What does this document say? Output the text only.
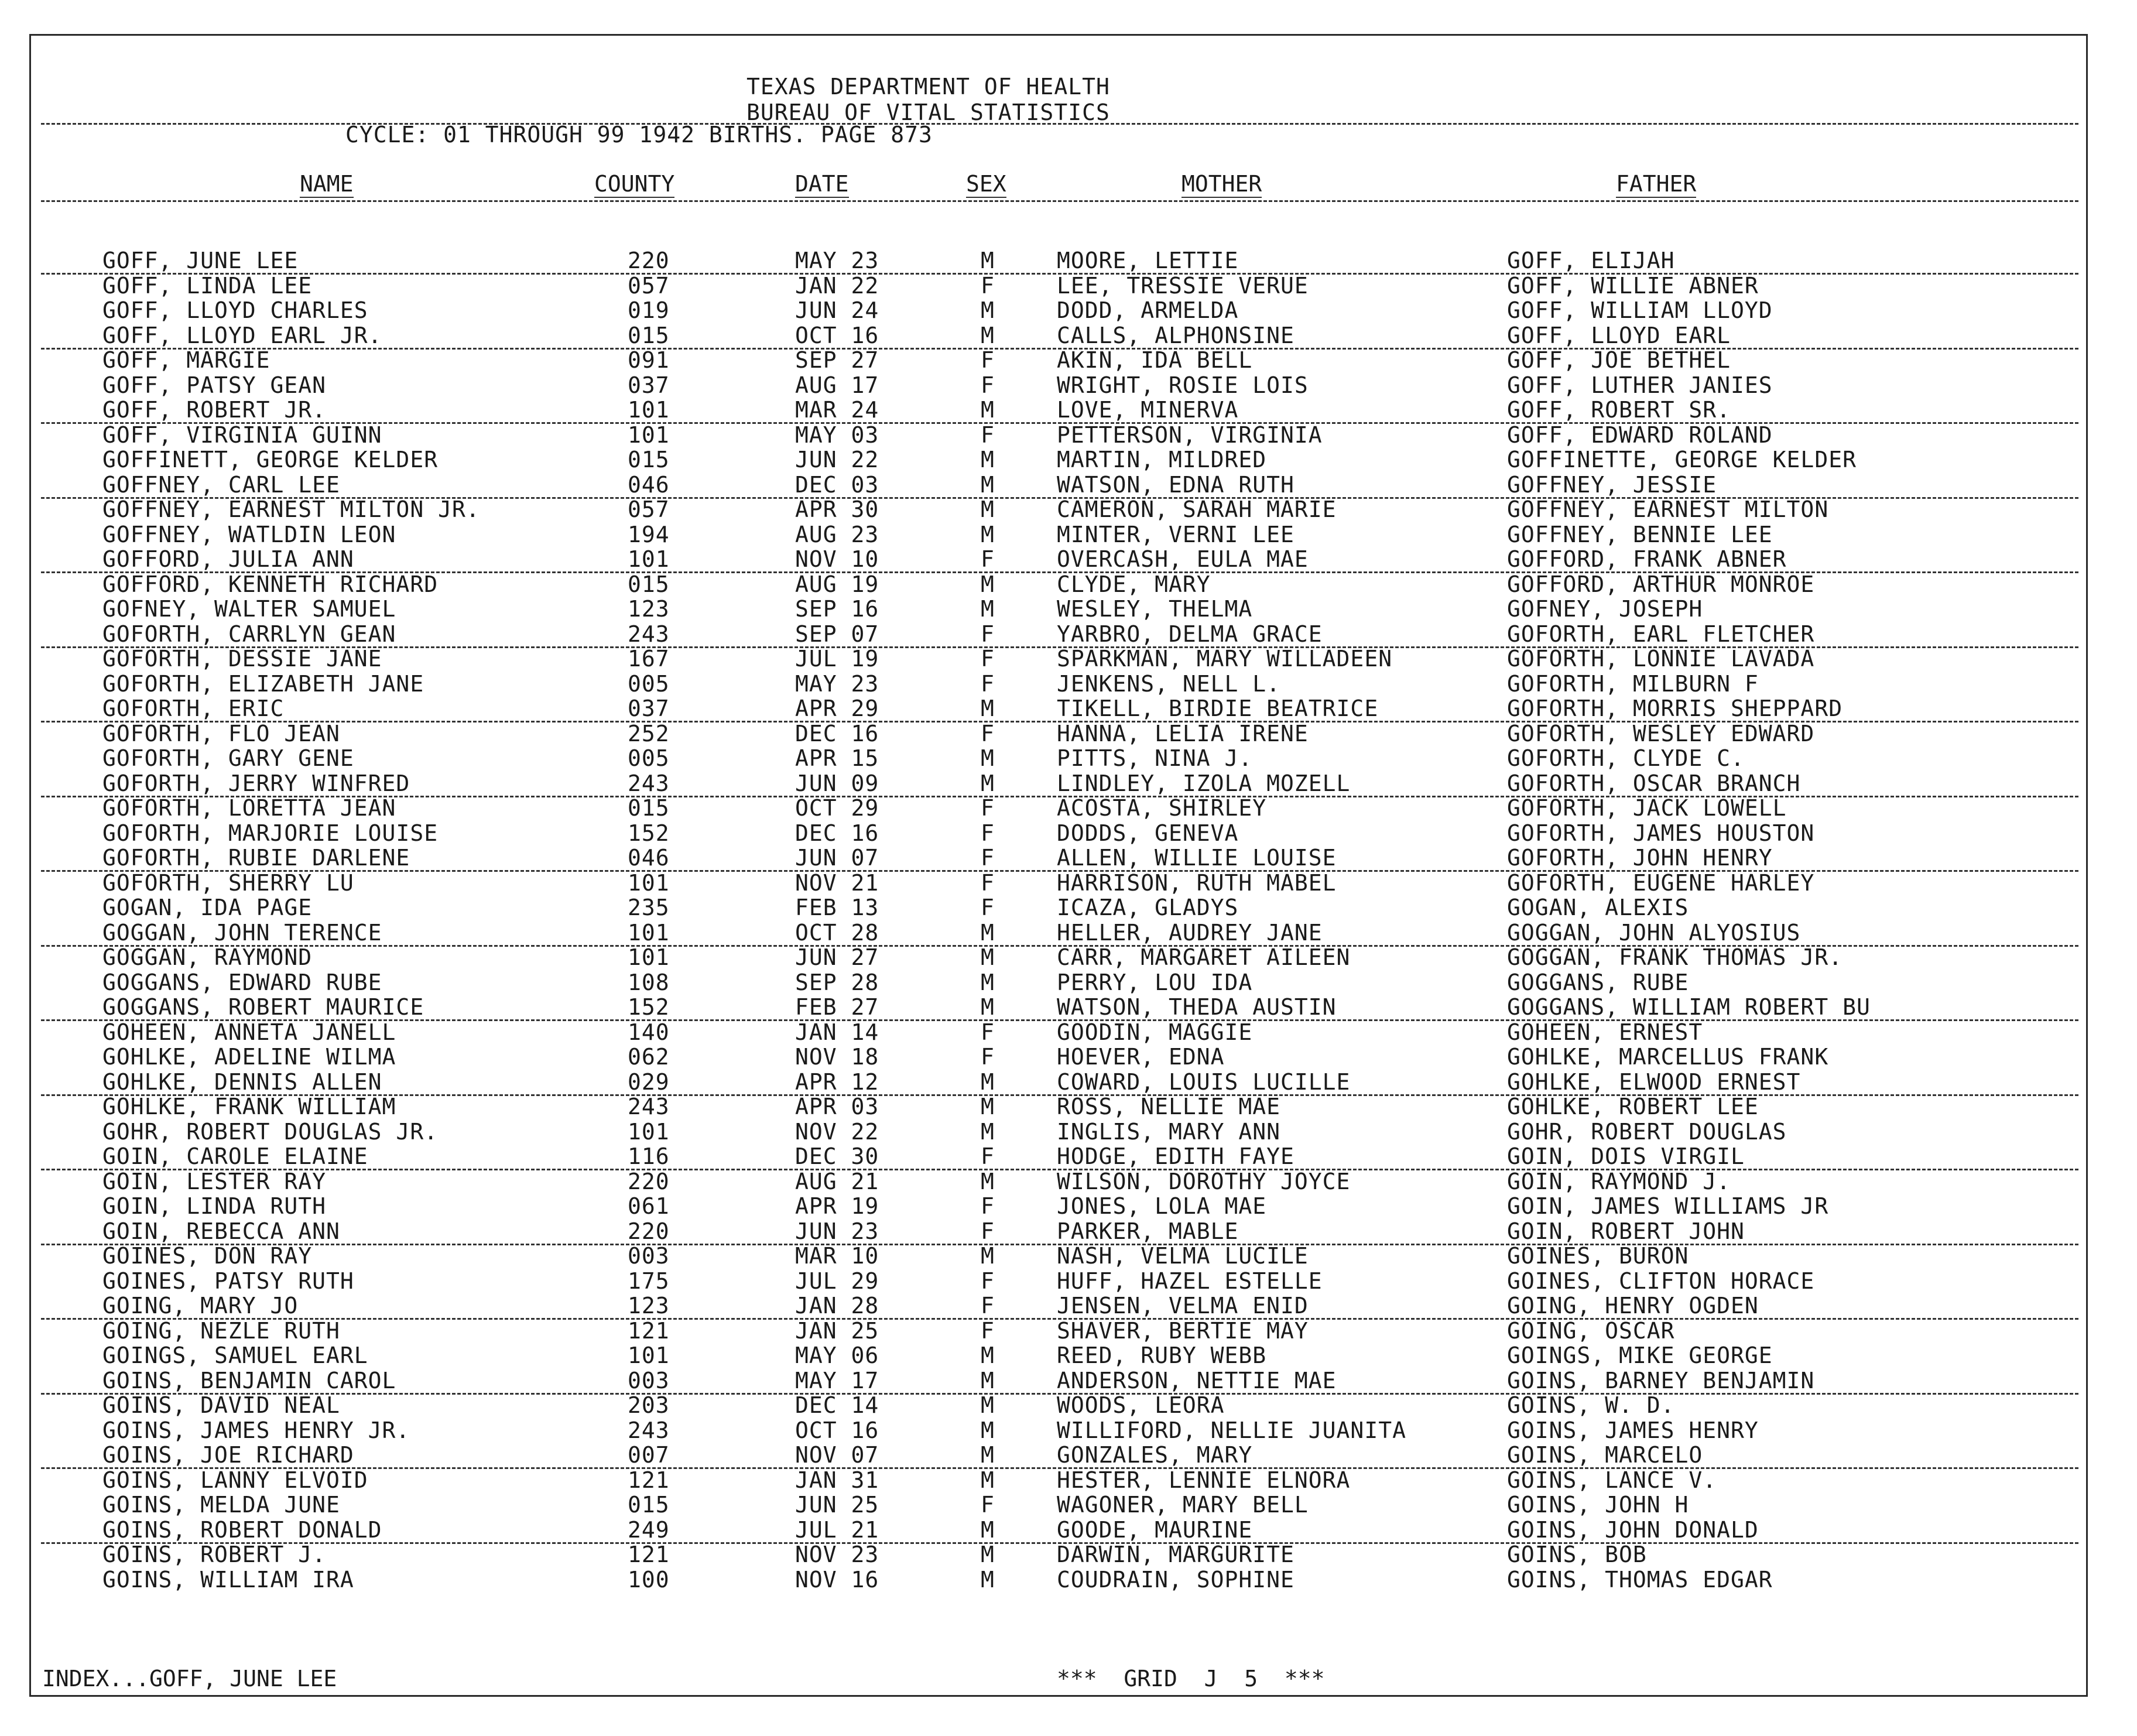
TEXAS DEPARTMENT OF HEALTH
BUREAU OF VITAL STATISTICS
CYCLE: 01 THROUGH 99 1942 BIRTHS. PAGE 873
NAME	COUNTY	DATE	SEX	MOTHER	FATHER
GOFF, JUNE LEE	220	MAY 23	M	MOORE, LETTIE	GOFF, ELIJAH
GOFF, LINDA LEE	057	JAN 22	F	LEE, TRESSIE VERUE	GOFF, WILLIE ABNER
GOFF, LLOYD CHARLES	019	JUN 24	M	DODD, ARMELDA	GOFF, WILLIAM LLOYD
GOFF, LLOYD EARL JR.	015	OCT 16	M	CALLS, ALPHONSINE	GOFF, LLOYD EARL
GOFF, MARGIE	091	SEP 27	F	AKIN, IDA BELL	GOFF, JOE BETHEL
GOFF, PATSY GEAN	037	AUG 17	F	WRIGHT, ROSIE LOIS	GOFF, LUTHER JANIES
GOFF, ROBERT JR.	101	MAR 24	M	LOVE, MINERVA	GOFF, ROBERT SR.
GOFF, VIRGINIA GUINN	101	MAY 03	F	PETTERSON, VIRGINIA	GOFF, EDWARD ROLAND
GOFFINETT, GEORGE KELDER	015	JUN 22	M	MARTIN, MILDRED	GOFFINETTE, GEORGE KELDER
GOFFNEY, CARL LEE	046	DEC 03	M	WATSON, EDNA RUTH	GOFFNEY, JESSIE
GOFFNEY, EARNEST MILTON JR.	057	APR 30	M	CAMERON, SARAH MARIE	GOFFNEY, EARNEST MILTON
GOFFNEY, WATLDIN LEON	194	AUG 23	M	MINTER, VERNI LEE	GOFFNEY, BENNIE LEE
GOFFORD, JULIA ANN	101	NOV 10	F	OVERCASH, EULA MAE	GOFFORD, FRANK ABNER
GOFFORD, KENNETH RICHARD	015	AUG 19	M	CLYDE, MARY	GOFFORD, ARTHUR MONROE
GOFNEY, WALTER SAMUEL	123	SEP 16	M	WESLEY, THELMA	GOFNEY, JOSEPH
GOFORTH, CARRLYN GEAN	243	SEP 07	F	YARBRO, DELMA GRACE	GOFORTH, EARL FLETCHER
GOFORTH, DESSIE JANE	167	JUL 19	F	SPARKMAN, MARY WILLADEEN	GOFORTH, LONNIE LAVADA
GOFORTH, ELIZABETH JANE	005	MAY 23	F	JENKENS, NELL L.	GOFORTH, MILBURN F
GOFORTH, ERIC	037	APR 29	M	TIKELL, BIRDIE BEATRICE	GOFORTH, MORRIS SHEPPARD
GOFORTH, FLO JEAN	252	DEC 16	F	HANNA, LELIA IRENE	GOFORTH, WESLEY EDWARD
GOFORTH, GARY GENE	005	APR 15	M	PITTS, NINA J.	GOFORTH, CLYDE C.
GOFORTH, JERRY WINFRED	243	JUN 09	M	LINDLEY, IZOLA MOZELL	GOFORTH, OSCAR BRANCH
GOFORTH, LORETTA JEAN	015	OCT 29	F	ACOSTA, SHIRLEY	GOFORTH, JACK LOWELL
GOFORTH, MARJORIE LOUISE	152	DEC 16	F	DODDS, GENEVA	GOFORTH, JAMES HOUSTON
GOFORTH, RUBIE DARLENE	046	JUN 07	F	ALLEN, WILLIE LOUISE	GOFORTH, JOHN HENRY
GOFORTH, SHERRY LU	101	NOV 21	F	HARRISON, RUTH MABEL	GOFORTH, EUGENE HARLEY
GOGAN, IDA PAGE	235	FEB 13	F	ICAZA, GLADYS	GOGAN, ALEXIS
GOGGAN, JOHN TERENCE	101	OCT 28	M	HELLER, AUDREY JANE	GOGGAN, JOHN ALYOSIUS
GOGGAN, RAYMOND	101	JUN 27	M	CARR, MARGARET AILEEN	GOGGAN, FRANK THOMAS JR.
GOGGANS, EDWARD RUBE	108	SEP 28	M	PERRY, LOU IDA	GOGGANS, RUBE
GOGGANS, ROBERT MAURICE	152	FEB 27	M	WATSON, THEDA AUSTIN	GOGGANS, WILLIAM ROBERT BU
GOHEEN, ANNETA JANELL	140	JAN 14	F	GOODIN, MAGGIE	GOHEEN, ERNEST
GOHLKE, ADELINE WILMA	062	NOV 18	F	HOEVER, EDNA	GOHLKE, MARCELLUS FRANK
GOHLKE, DENNIS ALLEN	029	APR 12	M	COWARD, LOUIS LUCILLE	GOHLKE, ELWOOD ERNEST
GOHLKE, FRANK WILLIAM	243	APR 03	M	ROSS, NELLIE MAE	GOHLKE, ROBERT LEE
GOHR, ROBERT DOUGLAS JR.	101	NOV 22	M	INGLIS, MARY ANN	GOHR, ROBERT DOUGLAS
GOIN, CAROLE ELAINE	116	DEC 30	F	HODGE, EDITH FAYE	GOIN, DOIS VIRGIL
GOIN, LESTER RAY	220	AUG 21	M	WILSON, DOROTHY JOYCE	GOIN, RAYMOND J.
GOIN, LINDA RUTH	061	APR 19	F	JONES, LOLA MAE	GOIN, JAMES WILLIAMS JR
GOIN, REBECCA ANN	220	JUN 23	F	PARKER, MABLE	GOIN, ROBERT JOHN
GOINES, DON RAY	003	MAR 10	M	NASH, VELMA LUCILE	GOINES, BURON
GOINES, PATSY RUTH	175	JUL 29	F	HUFF, HAZEL ESTELLE	GOINES, CLIFTON HORACE
GOING, MARY JO	123	JAN 28	F	JENSEN, VELMA ENID	GOING, HENRY OGDEN
GOING, NEZLE RUTH	121	JAN 25	F	SHAVER, BERTIE MAY	GOING, OSCAR
GOINGS, SAMUEL EARL	101	MAY 06	M	REED, RUBY WEBB	GOINGS, MIKE GEORGE
GOINS, BENJAMIN CAROL	003	MAY 17	M	ANDERSON, NETTIE MAE	GOINS, BARNEY BENJAMIN
GOINS, DAVID NEAL	203	DEC 14	M	WOODS, LEORA	GOINS, W. D.
GOINS, JAMES HENRY JR.	243	OCT 16	M	WILLIFORD, NELLIE JUANITA	GOINS, JAMES HENRY
GOINS, JOE RICHARD	007	NOV 07	M	GONZALES, MARY	GOINS, MARCELO
GOINS, LANNY ELVOID	121	JAN 31	M	HESTER, LENNIE ELNORA	GOINS, LANCE V.
GOINS, MELDA JUNE	015	JUN 25	F	WAGONER, MARY BELL	GOINS, JOHN H
GOINS, ROBERT DONALD	249	JUL 21	M	GOODE, MAURINE	GOINS, JOHN DONALD
GOINS, ROBERT J.	121	NOV 23	M	DARWIN, MARGURITE	GOINS, BOB
GOINS, WILLIAM IRA	100	NOV 16	M	COUDRAIN, SOPHINE	GOINS, THOMAS EDGAR
INDEX...GOFF, JUNE LEE	***  GRID  J  5  ***
